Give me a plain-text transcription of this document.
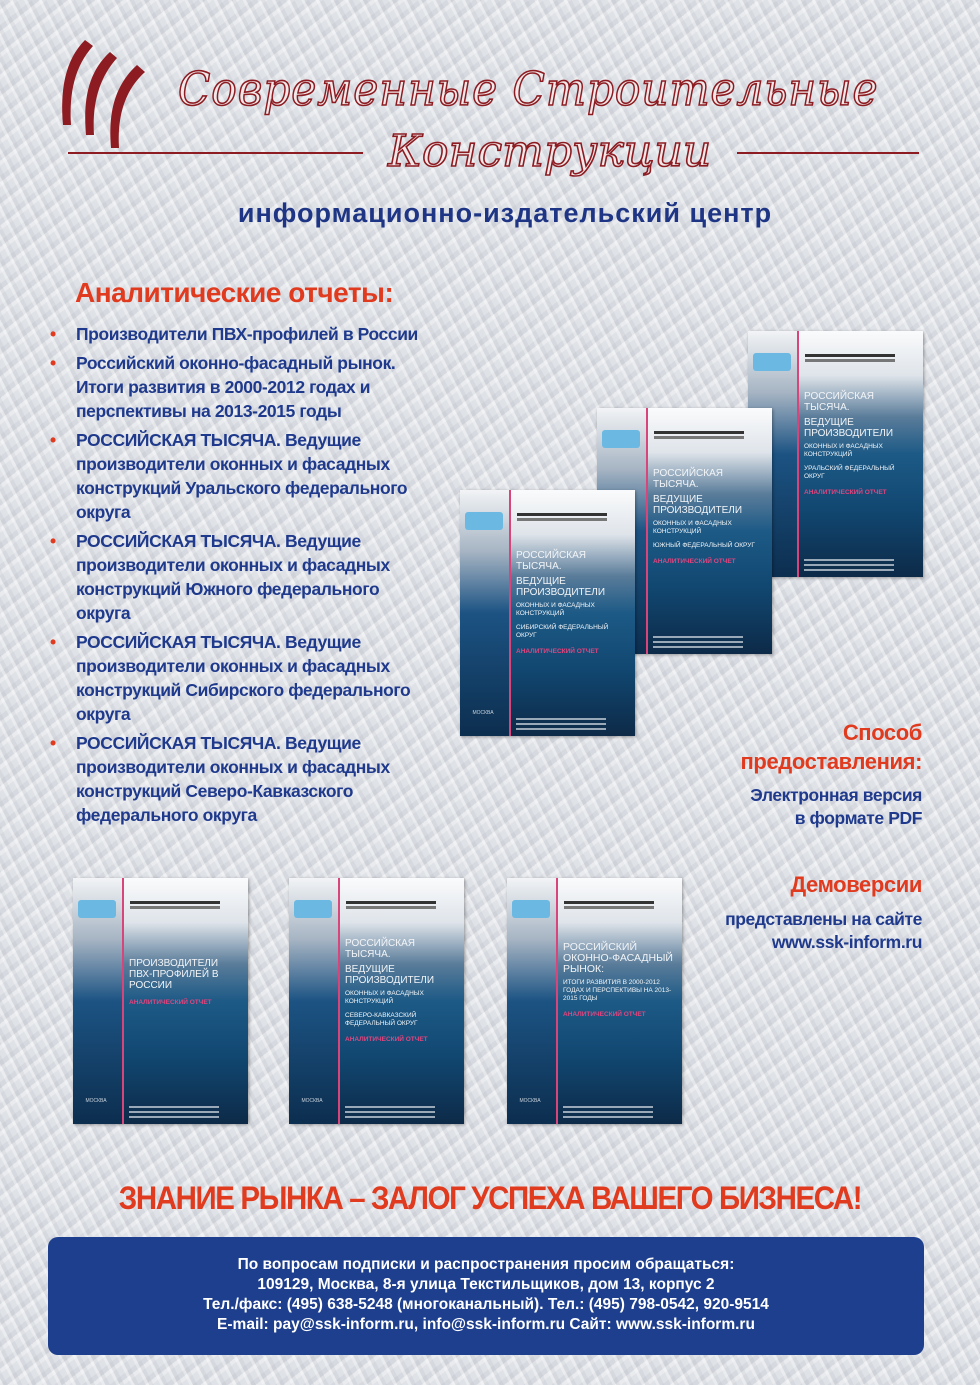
Современные Строительные
Конструкции
информационно-издательский центр
Аналитические отчеты:
• Производители ПВХ-профилей в России
• Российский оконно-фасадный рынок. Итоги развития в 2000-2012 годах и перспективы на 2013-2015 годы
• РОССИЙСКАЯ ТЫСЯЧА. Ведущие производители оконных и фасадных конструкций Уральского федерального округа
• РОССИЙСКАЯ ТЫСЯЧА. Ведущие производители оконных и фасадных конструкций Южного федерального округа
• РОССИЙСКАЯ ТЫСЯЧА. Ведущие производители оконных и фасадных конструкций Сибирского федерального округа
• РОССИЙСКАЯ ТЫСЯЧА. Ведущие производители оконных и фасадных конструкций Северо-Кавказского федерального округа
РОССИЙСКАЯ ТЫСЯЧА.
ВЕДУЩИЕ ПРОИЗВОДИТЕЛИ
ОКОННЫХ И ФАСАДНЫХ КОНСТРУКЦИЙ
УРАЛЬСКИЙ ФЕДЕРАЛЬНЫЙ ОКРУГ
АНАЛИТИЧЕСКИЙ ОТЧЕТ
РОССИЙСКАЯ ТЫСЯЧА.
ВЕДУЩИЕ ПРОИЗВОДИТЕЛИ
ОКОННЫХ И ФАСАДНЫХ КОНСТРУКЦИЙ
ЮЖНЫЙ ФЕДЕРАЛЬНЫЙ ОКРУГ
АНАЛИТИЧЕСКИЙ ОТЧЕТ
РОССИЙСКАЯ ТЫСЯЧА.
ВЕДУЩИЕ ПРОИЗВОДИТЕЛИ
ОКОННЫХ И ФАСАДНЫХ КОНСТРУКЦИЙ
СИБИРСКИЙ ФЕДЕРАЛЬНЫЙ ОКРУГ
АНАЛИТИЧЕСКИЙ ОТЧЕТ
МОСКВА
Способ
предоставления:
Электронная версия
в формате PDF
Демоверсии
представлены на сайте
www.ssk-inform.ru
ПРОИЗВОДИТЕЛИ ПВХ-ПРОФИЛЕЙ В РОССИИ
АНАЛИТИЧЕСКИЙ ОТЧЕТ
МОСКВА
РОССИЙСКАЯ ТЫСЯЧА.
ВЕДУЩИЕ ПРОИЗВОДИТЕЛИ
ОКОННЫХ И ФАСАДНЫХ КОНСТРУКЦИЙ
СЕВЕРО-КАВКАЗСКИЙ ФЕДЕРАЛЬНЫЙ ОКРУГ
АНАЛИТИЧЕСКИЙ ОТЧЕТ
МОСКВА
РОССИЙСКИЙ ОКОННО-ФАСАДНЫЙ РЫНОК:
ИТОГИ РАЗВИТИЯ В 2000-2012 ГОДАХ И ПЕРСПЕКТИВЫ НА 2013-2015 ГОДЫ
АНАЛИТИЧЕСКИЙ ОТЧЕТ
МОСКВА
ЗНАНИЕ РЫНКА – ЗАЛОГ УСПЕХА ВАШЕГО БИЗНЕСА!
По вопросам подписки и распространения просим обращаться:
109129, Москва, 8-я улица Текстильщиков, дом 13, корпус 2
Тел./факс: (495) 638-5248 (многоканальный). Тел.: (495) 798-0542, 920-9514
E-mail: pay@ssk-inform.ru, info@ssk-inform.ru Сайт: www.ssk-inform.ru
